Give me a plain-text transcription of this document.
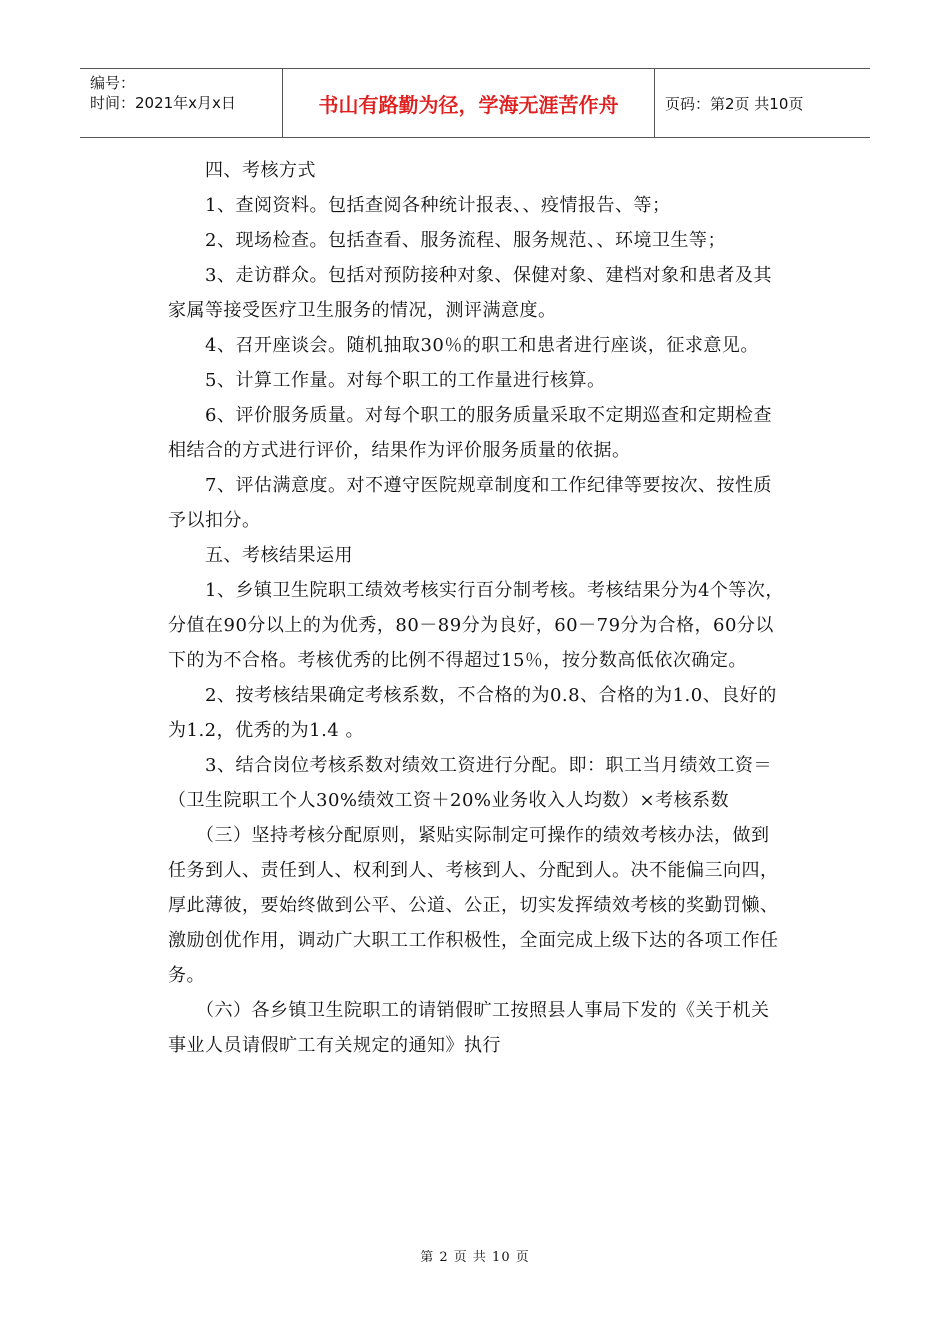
编号：
时间：2021年x月x日	书山有路勤为径，学海无涯苦作舟	页码：第2页 共10页

　　四、考核方式

　　1、查阅资料。包括查阅各种统计报表、、疫情报告、等；

　　2、现场检查。包括查看、服务流程、服务规范、、环境卫生等；

　　3、走访群众。包括对预防接种对象、保健对象、建档对象和患者及其家属等接受医疗卫生服务的情况，测评满意度。

　　4、召开座谈会。随机抽取30％的职工和患者进行座谈，征求意见。

　　5、计算工作量。对每个职工的工作量进行核算。

　　6、评价服务质量。对每个职工的服务质量采取不定期巡查和定期检查相结合的方式进行评价，结果作为评价服务质量的依据。

　　7、评估满意度。对不遵守医院规章制度和工作纪律等要按次、按性质予以扣分。

　　五、考核结果运用

　　1、乡镇卫生院职工绩效考核实行百分制考核。考核结果分为4个等次，分值在90分以上的为优秀，80－89分为良好，60－79分为合格，60分以下的为不合格。考核优秀的比例不得超过15％，按分数高低依次确定。

　　2、按考核结果确定考核系数，不合格的为0.8、合格的为1.0、良好的为1.2，优秀的为1.4 。

　　3、结合岗位考核系数对绩效工资进行分配。即：职工当月绩效工资＝（卫生院职工个人30%绩效工资＋20%业务收入人均数）×考核系数

　　（三）坚持考核分配原则，紧贴实际制定可操作的绩效考核办法，做到任务到人、责任到人、权利到人、考核到人、分配到人。决不能偏三向四，厚此薄彼，要始终做到公平、公道、公正，切实发挥绩效考核的奖勤罚懒、激励创优作用，调动广大职工工作积极性，全面完成上级下达的各项工作任务。

　　（六）各乡镇卫生院职工的请销假旷工按照县人事局下发的《关于机关事业人员请假旷工有关规定的通知》执行

第 2 页 共 10 页
